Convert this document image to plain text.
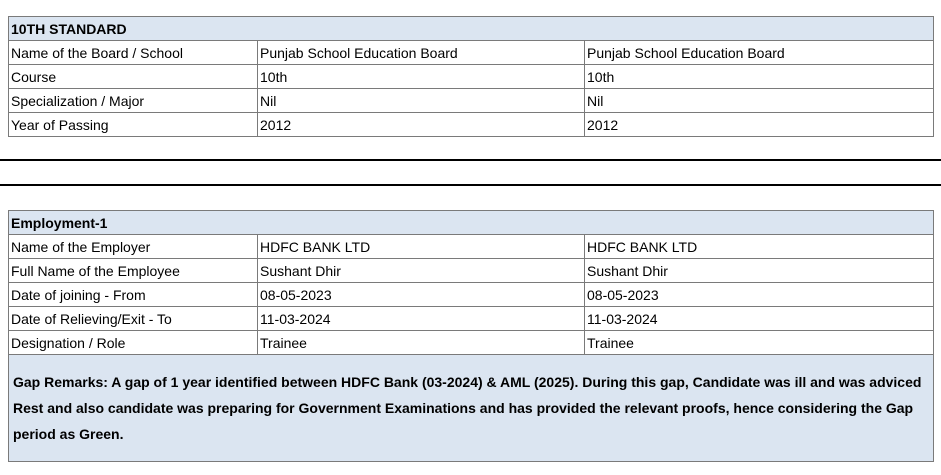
10TH STANDARD		
Name of the Board / School	Punjab School Education Board	Punjab School Education Board
Course	10th	10th
Specialization / Major	Nil	Nil
Year of Passing	2012	2012
Employment-1		
Name of the Employer	HDFC BANK LTD	HDFC BANK LTD
Full Name of the Employee	Sushant Dhir	Sushant Dhir
Date of joining - From	08-05-2023	08-05-2023
Date of Relieving/Exit - To	11-03-2024	11-03-2024
Designation / Role	Trainee	Trainee
Gap Remarks: A gap of 1 year identified between HDFC Bank (03-2024) & AML (2025). During this gap, Candidate was ill and was adviced Rest and also candidate was preparing for Government Examinations and has provided the relevant proofs, hence considering the Gap period as Green.		
